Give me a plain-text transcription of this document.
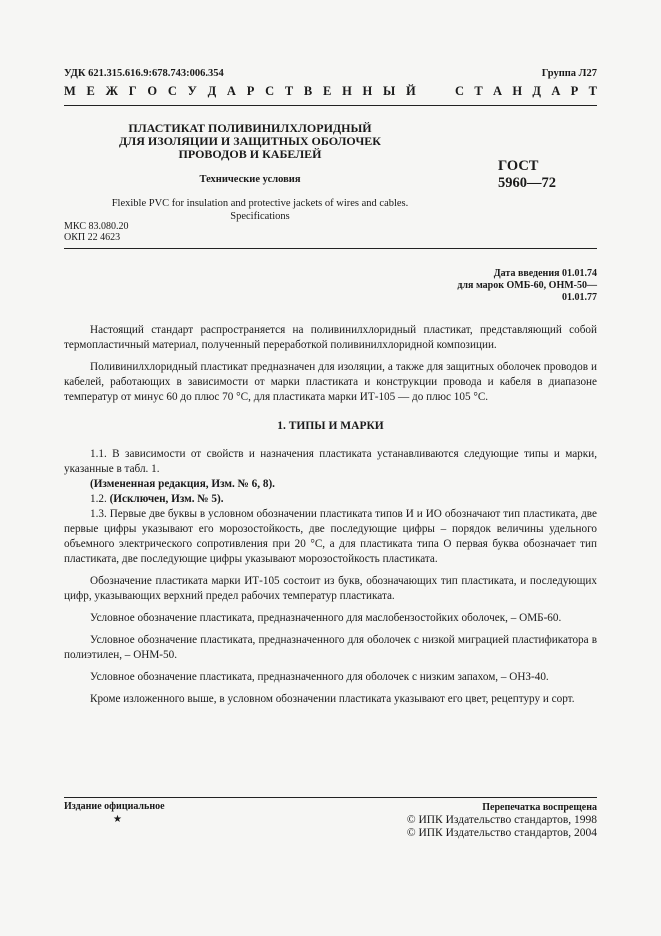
УДК 621.315.616.9:678.743:006.354	Группа Л27
М Е Ж Г О С У Д А Р С Т В Е Н Н Ы Й	С Т А Н Д А Р Т
ПЛАСТИКАТ ПОЛИВИНИЛХЛОРИДНЫЙ
ДЛЯ ИЗОЛЯЦИИ И ЗАЩИТНЫХ ОБОЛОЧЕК
ПРОВОДОВ И КАБЕЛЕЙ
Технические условия
ГОСТ
5960—72
Flexible PVC for insulation and protective jackets of wires and cables.
Specifications
МКС 83.080.20
ОКП 22 4623
Дата введения 01.01.74
для марок ОМБ-60, ОНМ-50—
01.01.77

Настоящий стандарт распространяется на поливинилхлоридный пластикат, представляющий собой термопластичный материал, полученный переработкой поливинилхлоридной композиции.

Поливинилхлоридный пластикат предназначен для изоляции, а также для защитных оболочек проводов и кабелей, работающих в зависимости от марки пластиката и конструкции провода и кабеля в диапазоне температур от минус 60 до плюс 70 °С, для пластиката марки ИТ-105 — до плюс 105 °С.

1. ТИПЫ И МАРКИ

1.1. В зависимости от свойств и назначения пластиката устанавливаются следующие типы и марки, указанные в табл. 1.

(Измененная редакция, Изм. № 6, 8).

1.2. (Исключен, Изм. № 5).

1.3. Первые две буквы в условном обозначении пластиката типов И и ИО обозначают тип пластиката, две первые цифры указывают его морозостойкость, две последующие цифры – порядок величины удельного объемного электрического сопротивления при 20 °С, а для пластиката типа О первая буква обозначает тип пластиката, две последующие цифры указывают морозостойкость пластиката.

Обозначение пластиката марки ИТ-105 состоит из букв, обозначающих тип пластиката, и последующих цифр, указывающих верхний предел рабочих температур пластиката.

Условное обозначение пластиката, предназначенного для маслобензостойких оболочек, – ОМБ-60.

Условное обозначение пластиката, предназначенного для оболочек с низкой миграцией пластификатора в полиэтилен, – ОНМ-50.

Условное обозначение пластиката, предназначенного для оболочек с низким запахом, – ОНЗ-40.

Кроме изложенного выше, в условном обозначении пластиката указывают его цвет, рецептуру и сорт.

Издание официальное
★
Перепечатка воспрещена
© ИПК Издательство стандартов, 1998
© ИПК Издательство стандартов, 2004
